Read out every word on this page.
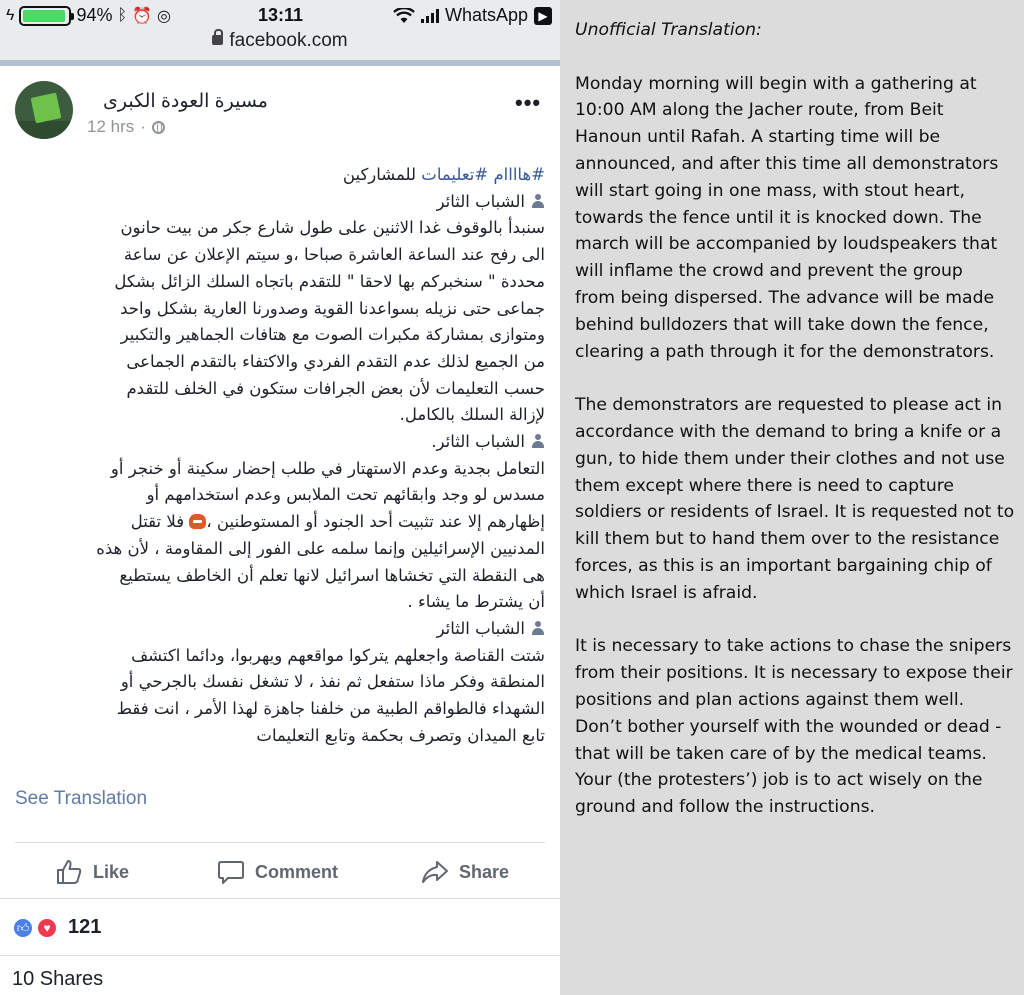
ϟ	94% ᛒ ⏰ ◎	13:11	WhatsApp ▶
facebook.com
مسيرة العودة الكبرى
12 hrs ·
•••

#هاااام #تعليمات للمشاركين

الشباب الثائر

سنبدأ بالوقوف غدا الاثنين على طول شارع جكر من بيت حانون

الى رفح عند الساعة العاشرة صباحا ،و سيتم الإعلان عن ساعة

محددة " سنخبركم بها لاحقا " للتقدم باتجاه السلك الزائل بشكل

جماعى حتى نزيله بسواعدنا القوية وصدورنا العارية بشكل واحد

ومتوازى بمشاركة مكبرات الصوت مع هتافات الجماهير والتكبير

من الجميع لذلك عدم التقدم الفردي والاكتفاء بالتقدم الجماعى

حسب التعليمات لأن بعض الجرافات ستكون في الخلف للتقدم

لإزالة السلك بالكامل.

الشباب الثائر.

التعامل بجدية وعدم الاستهتار في طلب إحضار سكينة أو خنجر أو

مسدس لو وجد وابقائهم تحت الملابس وعدم استخدامهم أو

إظهارهم إلا عند تثبيت أحد الجنود أو المستوطنين ، فلا تقتل

المدنيين الإسرائيلين وإنما سلمه على الفور إلى المقاومة ، لأن هذه

هى النقطة التي تخشاها اسرائيل لانها تعلم أن الخاطف يستطيع

أن يشترط ما يشاء .

الشباب الثائر

شتت القناصة واجعلهم يتركوا مواقعهم ويهربوا، ودائما اكتشف

المنطقة وفكر ماذا ستفعل ثم نفذ ، لا تشغل نفسك بالجرحي أو

الشهداء فالطواقم الطبية من خلفنا جاهزة لهذا الأمر ، انت فقط

تابع الميدان وتصرف بحكمة وتابع التعليمات

See Translation
Like	Comment	Share
👍︎	♥ 121
10 Shares
Unofficial Translation:

Monday morning will begin with a gathering at
10:00 AM along the Jacher route, from Beit
Hanoun until Rafah. A starting time will be
announced, and after this time all demonstrators
will start going in one mass, with stout heart,
towards the fence until it is knocked down. The
march will be accompanied by loudspeakers that
will inflame the crowd and prevent the group
from being dispersed. The advance will be made
behind bulldozers that will take down the fence,
clearing a path through it for the demonstrators.

The demonstrators are requested to please act in
accordance with the demand to bring a knife or a
gun, to hide them under their clothes and not use
them except where there is need to capture
soldiers or residents of Israel. It is requested not to
kill them but to hand them over to the resistance
forces, as this is an important bargaining chip of
which Israel is afraid.

It is necessary to take actions to chase the snipers
from their positions. It is necessary to expose their
positions and plan actions against them well.
Don’t bother yourself with the wounded or dead -
that will be taken care of by the medical teams.
Your (the protesters’) job is to act wisely on the
ground and follow the instructions.
